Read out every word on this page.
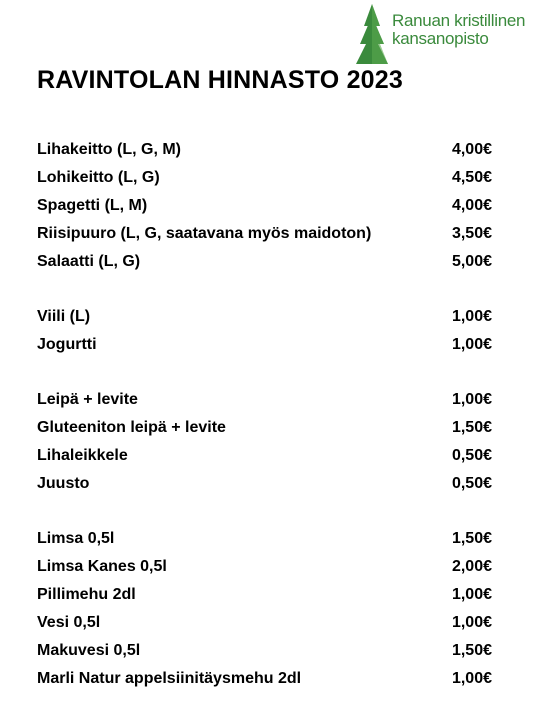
Ranuan kristillinen
kansanopisto
RAVINTOLAN HINNASTO 2023
Lihakeitto (L, G, M)	4,00€
Lohikeitto (L, G)	4,50€
Spagetti (L, M)	4,00€
Riisipuuro (L, G, saatavana myös maidoton)	3,50€
Salaatti (L, G)	5,00€
Viili (L)	1,00€
Jogurtti	1,00€
Leipä + levite	1,00€
Gluteeniton leipä + levite	1,50€
Lihaleikkele	0,50€
Juusto	0,50€
Limsa 0,5l	1,50€
Limsa Kanes 0,5l	2,00€
Pillimehu 2dl	1,00€
Vesi 0,5l	1,00€
Makuvesi 0,5l	1,50€
Marli Natur appelsiinitäysmehu 2dl	1,00€
